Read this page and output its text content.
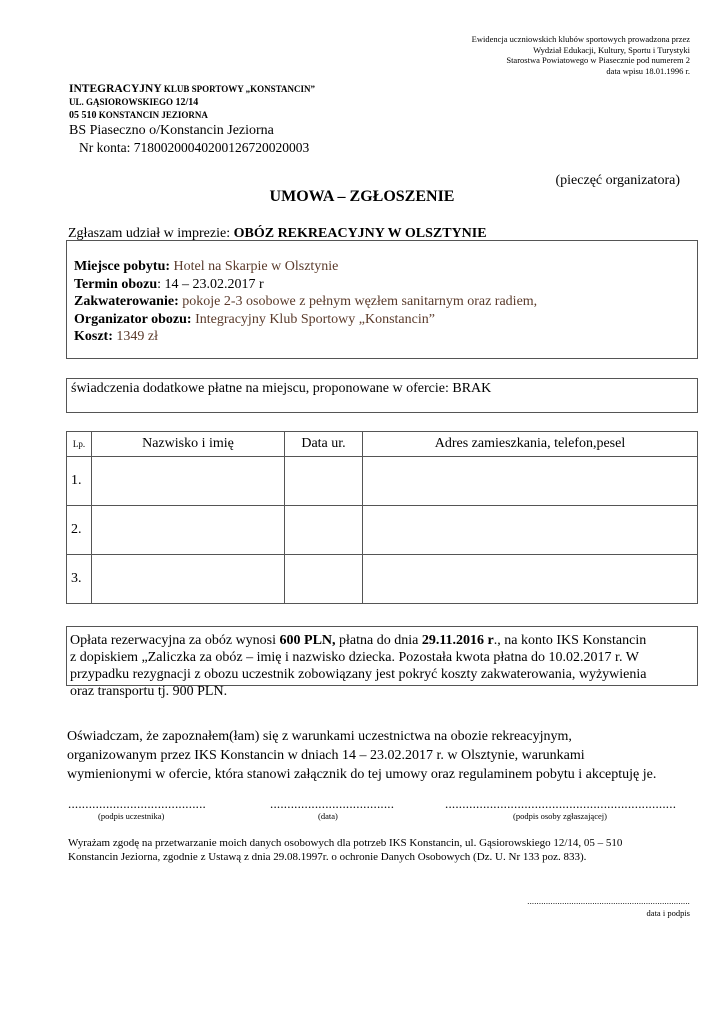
Ewidencja uczniowskich klubów sportowych prowadzona przez
Wydział Edukacji, Kultury, Sportu i Turystyki
Starostwa Powiatowego w Piasecznie pod numerem 2
data wpisu 18.01.1996 r.
INTEGRACYJNY KLUB SPORTOWY „KONSTANCIN”
UL. GĄSIOROWSKIEGO 12/14
05 510 KONSTANCIN JEZIORNA
BS Piaseczno o/Konstancin Jeziorna
Nr konta: 71800200040200126720020003
(pieczęć organizatora)
UMOWA – ZGŁOSZENIE
Zgłaszam udział w imprezie: OBÓZ REKREACYJNY W OLSZTYNIE
Miejsce pobytu: Hotel na Skarpie w Olsztynie
Termin obozu: 14 – 23.02.2017 r
Zakwaterowanie: pokoje 2-3 osobowe z pełnym węzłem sanitarnym oraz radiem,
Organizator obozu: Integracyjny Klub Sportowy „Konstancin”
Koszt: 1349 zł
świadczenia dodatkowe płatne na miejscu, proponowane w ofercie: BRAK
Lp.	Nazwisko i imię	Data ur.	Adres zamieszkania, telefon,pesel
1.			
2.			
3.			
Opłata rezerwacyjna za obóz wynosi 600 PLN, płatna do dnia 29.11.2016 r., na konto IKS Konstancin
z dopiskiem „Zaliczka za obóz – imię i nazwisko dziecka. Pozostała kwota płatna do 10.02.2017 r. W
przypadku rezygnacji z obozu uczestnik zobowiązany jest pokryć koszty zakwaterowania, wyżywienia
oraz transportu tj. 900 PLN.
Oświadczam, że zapoznałem(łam) się z warunkami uczestnictwa na obozie rekreacyjnym,
organizowanym przez IKS Konstancin w dniach 14 – 23.02.2017 r. w Olsztynie, warunkami
wymienionymi w ofercie, która stanowi załącznik do tej umowy oraz regulaminem pobytu i akceptuję je.
........................................	....................................	...................................................................
(podpis uczestnika)	(data)	(podpis osoby zgłaszającej)
Wyrażam zgodę na przetwarzanie moich danych osobowych dla potrzeb IKS Konstancin, ul. Gąsiorowskiego 12/14, 05 – 510
Konstancin Jeziorna, zgodnie z Ustawą z dnia 29.08.1997r. o ochronie Danych Osobowych (Dz. U. Nr 133 poz. 833).
......................................................................
data i podpis
